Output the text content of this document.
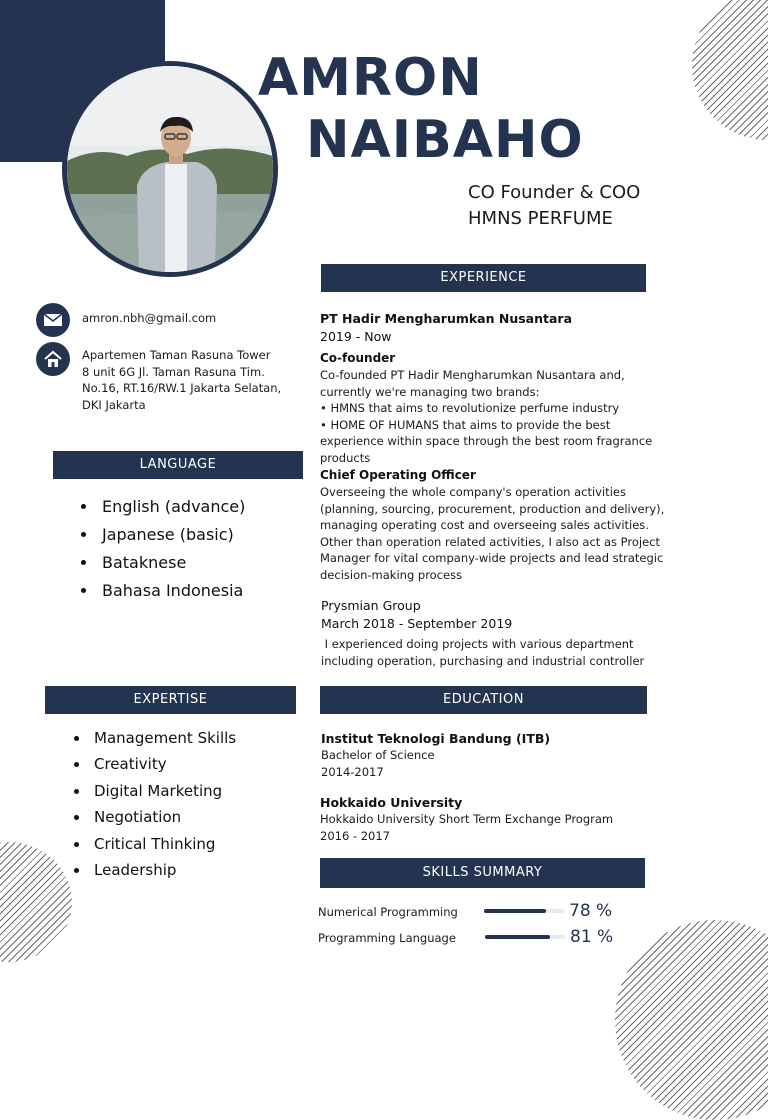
AMRON
NAIBAHO
CO Founder & COO
HMNS PERFUME
amron.nbh@gmail.com
Apartemen Taman Rasuna Tower
8 unit 6G Jl. Taman Rasuna Tim.
No.16, RT.16/RW.1 Jakarta Selatan,
DKI Jakarta
LANGUAGE
• English (advance)
• Japanese (basic)
• Bataknese
• Bahasa Indonesia
EXPERTISE
• Management Skills
• Creativity
• Digital Marketing
• Negotiation
• Critical Thinking
• Leadership
EXPERIENCE
PT Hadir Mengharumkan Nusantara
2019 - Now
Co-founder
Co-founded PT Hadir Mengharumkan Nusantara and,
currently we're managing two brands:
• HMNS that aims to revolutionize perfume industry
• HOME OF HUMANS that aims to provide the best
experience within space through the best room fragrance
products
Chief Operating Officer
Overseeing the whole company's operation activities
(planning, sourcing, procurement, production and delivery),
managing operating cost and overseeing sales activities.
Other than operation related activities, I also act as Project
Manager for vital company-wide projects and lead strategic
decision-making process
Prysmian Group
March 2018 - September 2019
I experienced doing projects with various department
including operation, purchasing and industrial controller
EDUCATION
Institut Teknologi Bandung (ITB)
Bachelor of Science
2014-2017
Hokkaido University
Hokkaido University Short Term Exchange Program
2016 - 2017
SKILLS SUMMARY
Numerical Programming	78 %
Programming Language	81 %
